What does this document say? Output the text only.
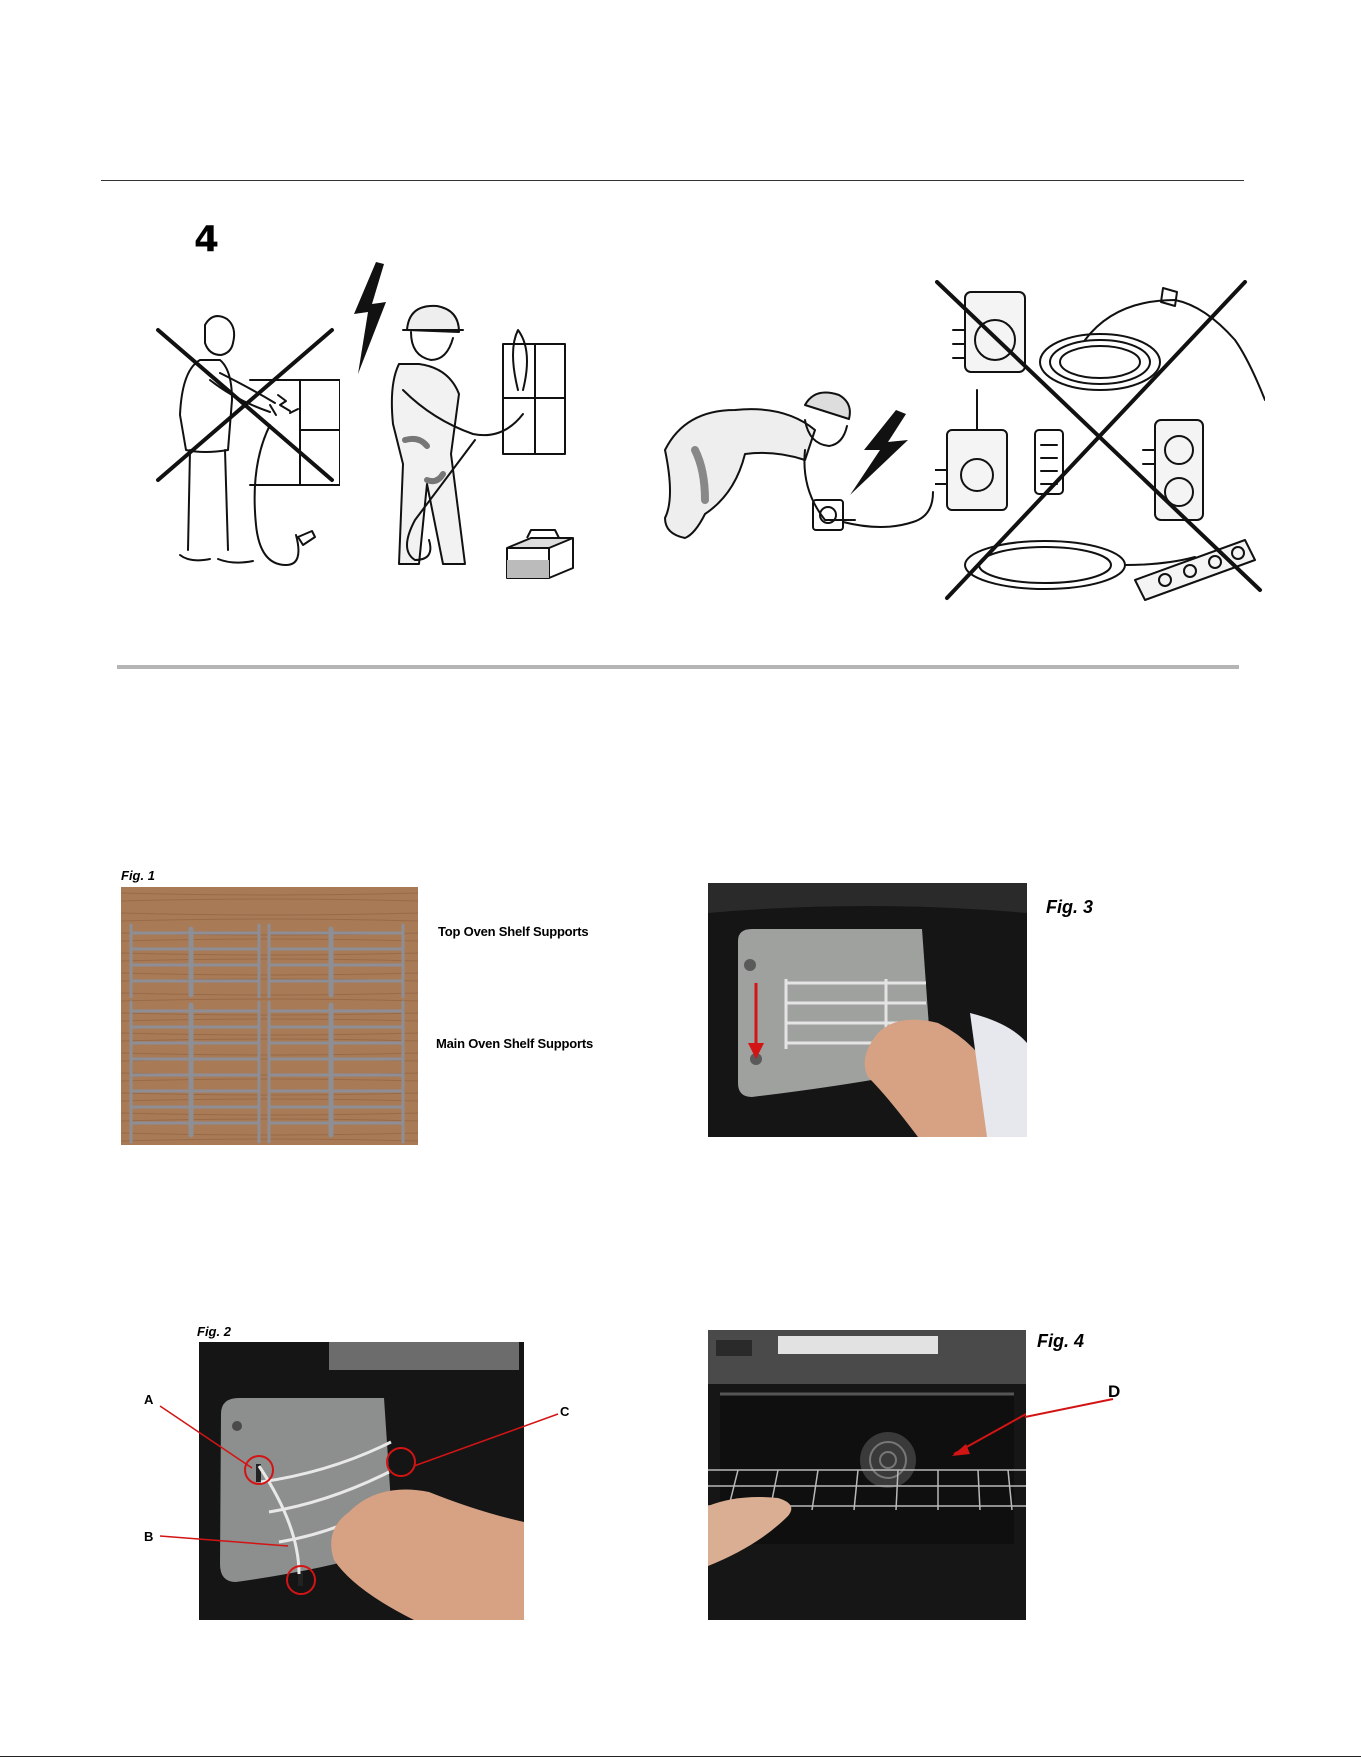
4
Fig. 1
Top Oven Shelf Supports
Main Oven Shelf Supports
Fig. 3
Fig. 2
A
B
C
Fig. 4
D
